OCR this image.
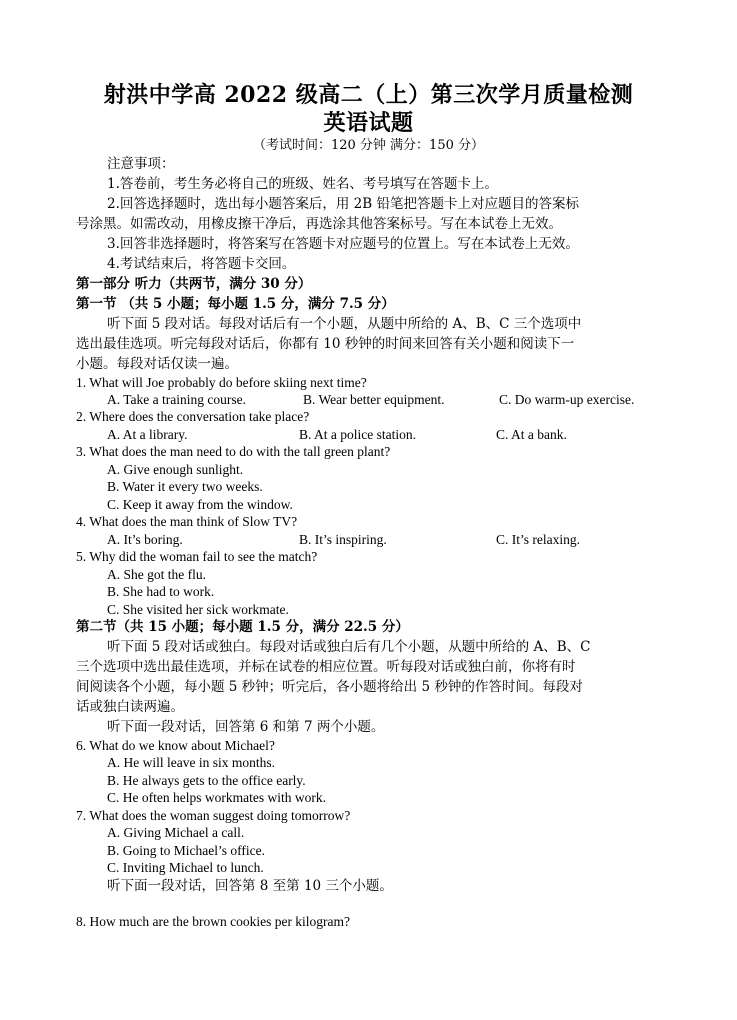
射洪中学高 2022 级高二（上）第三次学月质量检测
英语试题
（考试时间：120 分钟 满分：150 分）
注意事项：
1.答卷前，考生务必将自己的班级、姓名、考号填写在答题卡上。
2.回答选择题时，选出每小题答案后，用 2B 铅笔把答题卡上对应题目的答案标
号涂黑。如需改动，用橡皮擦干净后，再选涂其他答案标号。写在本试卷上无效。
3.回答非选择题时，将答案写在答题卡对应题号的位置上。写在本试卷上无效。
4.考试结束后，将答题卡交回。
第一部分 听力（共两节，满分 30 分）
第一节 （共 5 小题；每小题 1.5 分，满分 7.5 分）
听下面 5 段对话。每段对话后有一个小题，从题中所给的 A、B、C 三个选项中
选出最佳选项。听完每段对话后，你都有 10 秒钟的时间来回答有关小题和阅读下一
小题。每段对话仅读一遍。
1. What will Joe probably do before skiing next time?
A. Take a training course.	B. Wear better equipment.	C. Do warm-up exercise.
2. Where does the conversation take place?
A. At a library.	B. At a police station.	C. At a bank.
3. What does the man need to do with the tall green plant?
A. Give enough sunlight.
B. Water it every two weeks.
C. Keep it away from the window.
4. What does the man think of Slow TV?
A. It’s boring.	B. It’s inspiring.	C. It’s relaxing.
5. Why did the woman fail to see the match?
A. She got the flu.
B. She had to work.
C. She visited her sick workmate.
第二节（共 15 小题；每小题 1.5 分，满分 22.5 分）
听下面 5 段对话或独白。每段对话或独白后有几个小题，从题中所给的 A、B、C
三个选项中选出最佳选项，并标在试卷的相应位置。听每段对话或独白前，你将有时
间阅读各个小题，每小题 5 秒钟；听完后，各小题将给出 5 秒钟的作答时间。每段对
话或独白读两遍。
听下面一段对话，回答第 6 和第 7 两个小题。
6. What do we know about Michael?
A. He will leave in six months.
B. He always gets to the office early.
C. He often helps workmates with work.
7. What does the woman suggest doing tomorrow?
A. Giving Michael a call.
B. Going to Michael’s office.
C. Inviting Michael to lunch.
听下面一段对话，回答第 8 至第 10 三个小题。
8. How much are the brown cookies per kilogram?
